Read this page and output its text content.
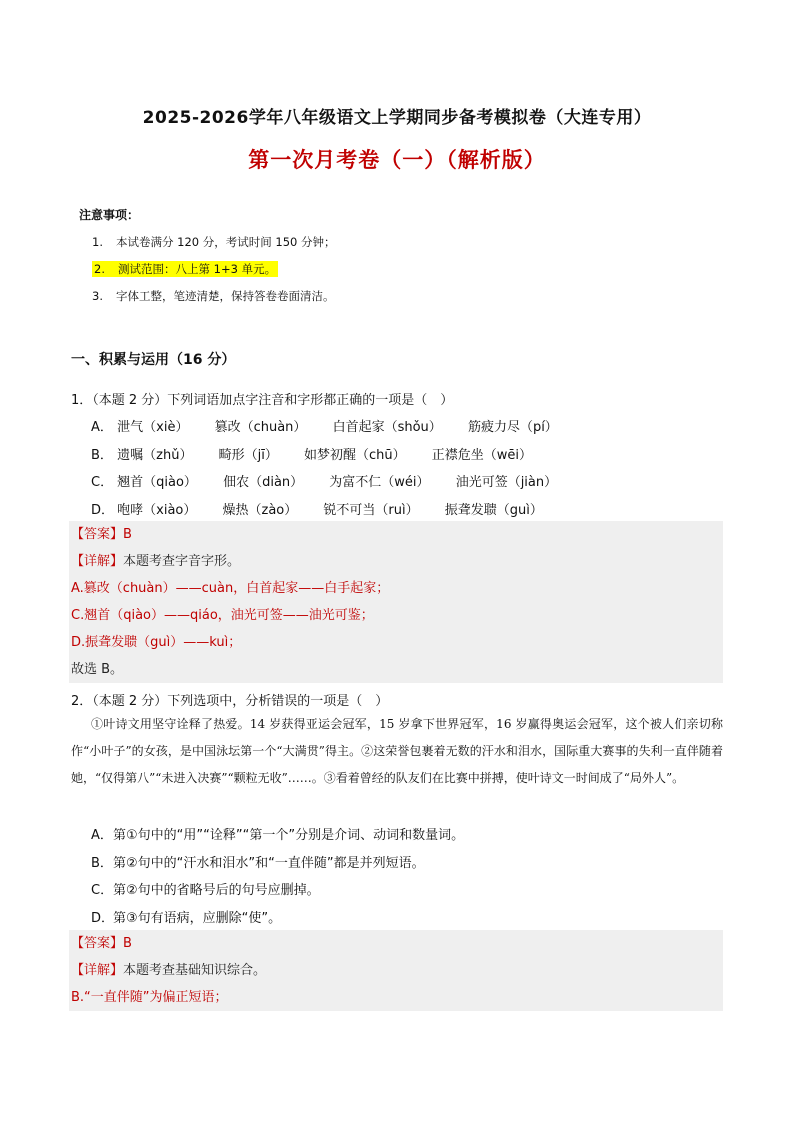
2025-2026学年八年级语文上学期同步备考模拟卷（大连专用）
第一次月考卷（一）（解析版）
注意事项：
1. 本试卷满分 120 分，考试时间 150 分钟；
2. 测试范围：八上第 1+3 单元。
3. 字体工整，笔迹清楚，保持答卷卷面清洁。
一、积累与运用（16 分）
1．（本题 2 分）下列词语加点字注音和字形都正确的一项是（　）
A． 泄气（xiè） 篡改（chuàn） 白首起家（shǒu） 筋疲力尽（pí）
B． 遗嘱（zhǔ） 畸形（jī） 如梦初醒（chū） 正襟危坐（wēi）
C． 翘首（qiào） 佃农（diàn） 为富不仁（wéi） 油光可签（jiàn）
D． 咆哮（xiào） 燥热（zào） 锐不可当（ruì） 振聋发聩（guì）
【答案】B
【详解】本题考查字音字形。
A.篡改（chuàn）——cuàn，白首起家——白手起家；
C.翘首（qiào）——qiáo，油光可签——油光可鉴；
D.振聋发聩（guì）——kuì；
故选 B。
2．（本题 2 分）下列选项中，分析错误的一项是（　）
①叶诗文用坚守诠释了热爱。14 岁获得亚运会冠军，15 岁拿下世界冠军，16 岁赢得奥运会冠军，这个被人们亲切称作“小叶子”的女孩，是中国泳坛第一个“大满贯”得主。②这荣誉包裹着无数的汗水和泪水，国际重大赛事的失利一直伴随着她，“仅得第八”“未进入决赛”“颗粒无收”……。③看着曾经的队友们在比赛中拼搏，使叶诗文一时间成了“局外人”。
A．第①句中的“用”“诠释”“第一个”分别是介词、动词和数量词。
B．第②句中的“汗水和泪水”和“一直伴随”都是并列短语。
C．第②句中的省略号后的句号应删掉。
D．第③句有语病，应删除“使”。
【答案】B
【详解】本题考查基础知识综合。
B.“一直伴随”为偏正短语；
